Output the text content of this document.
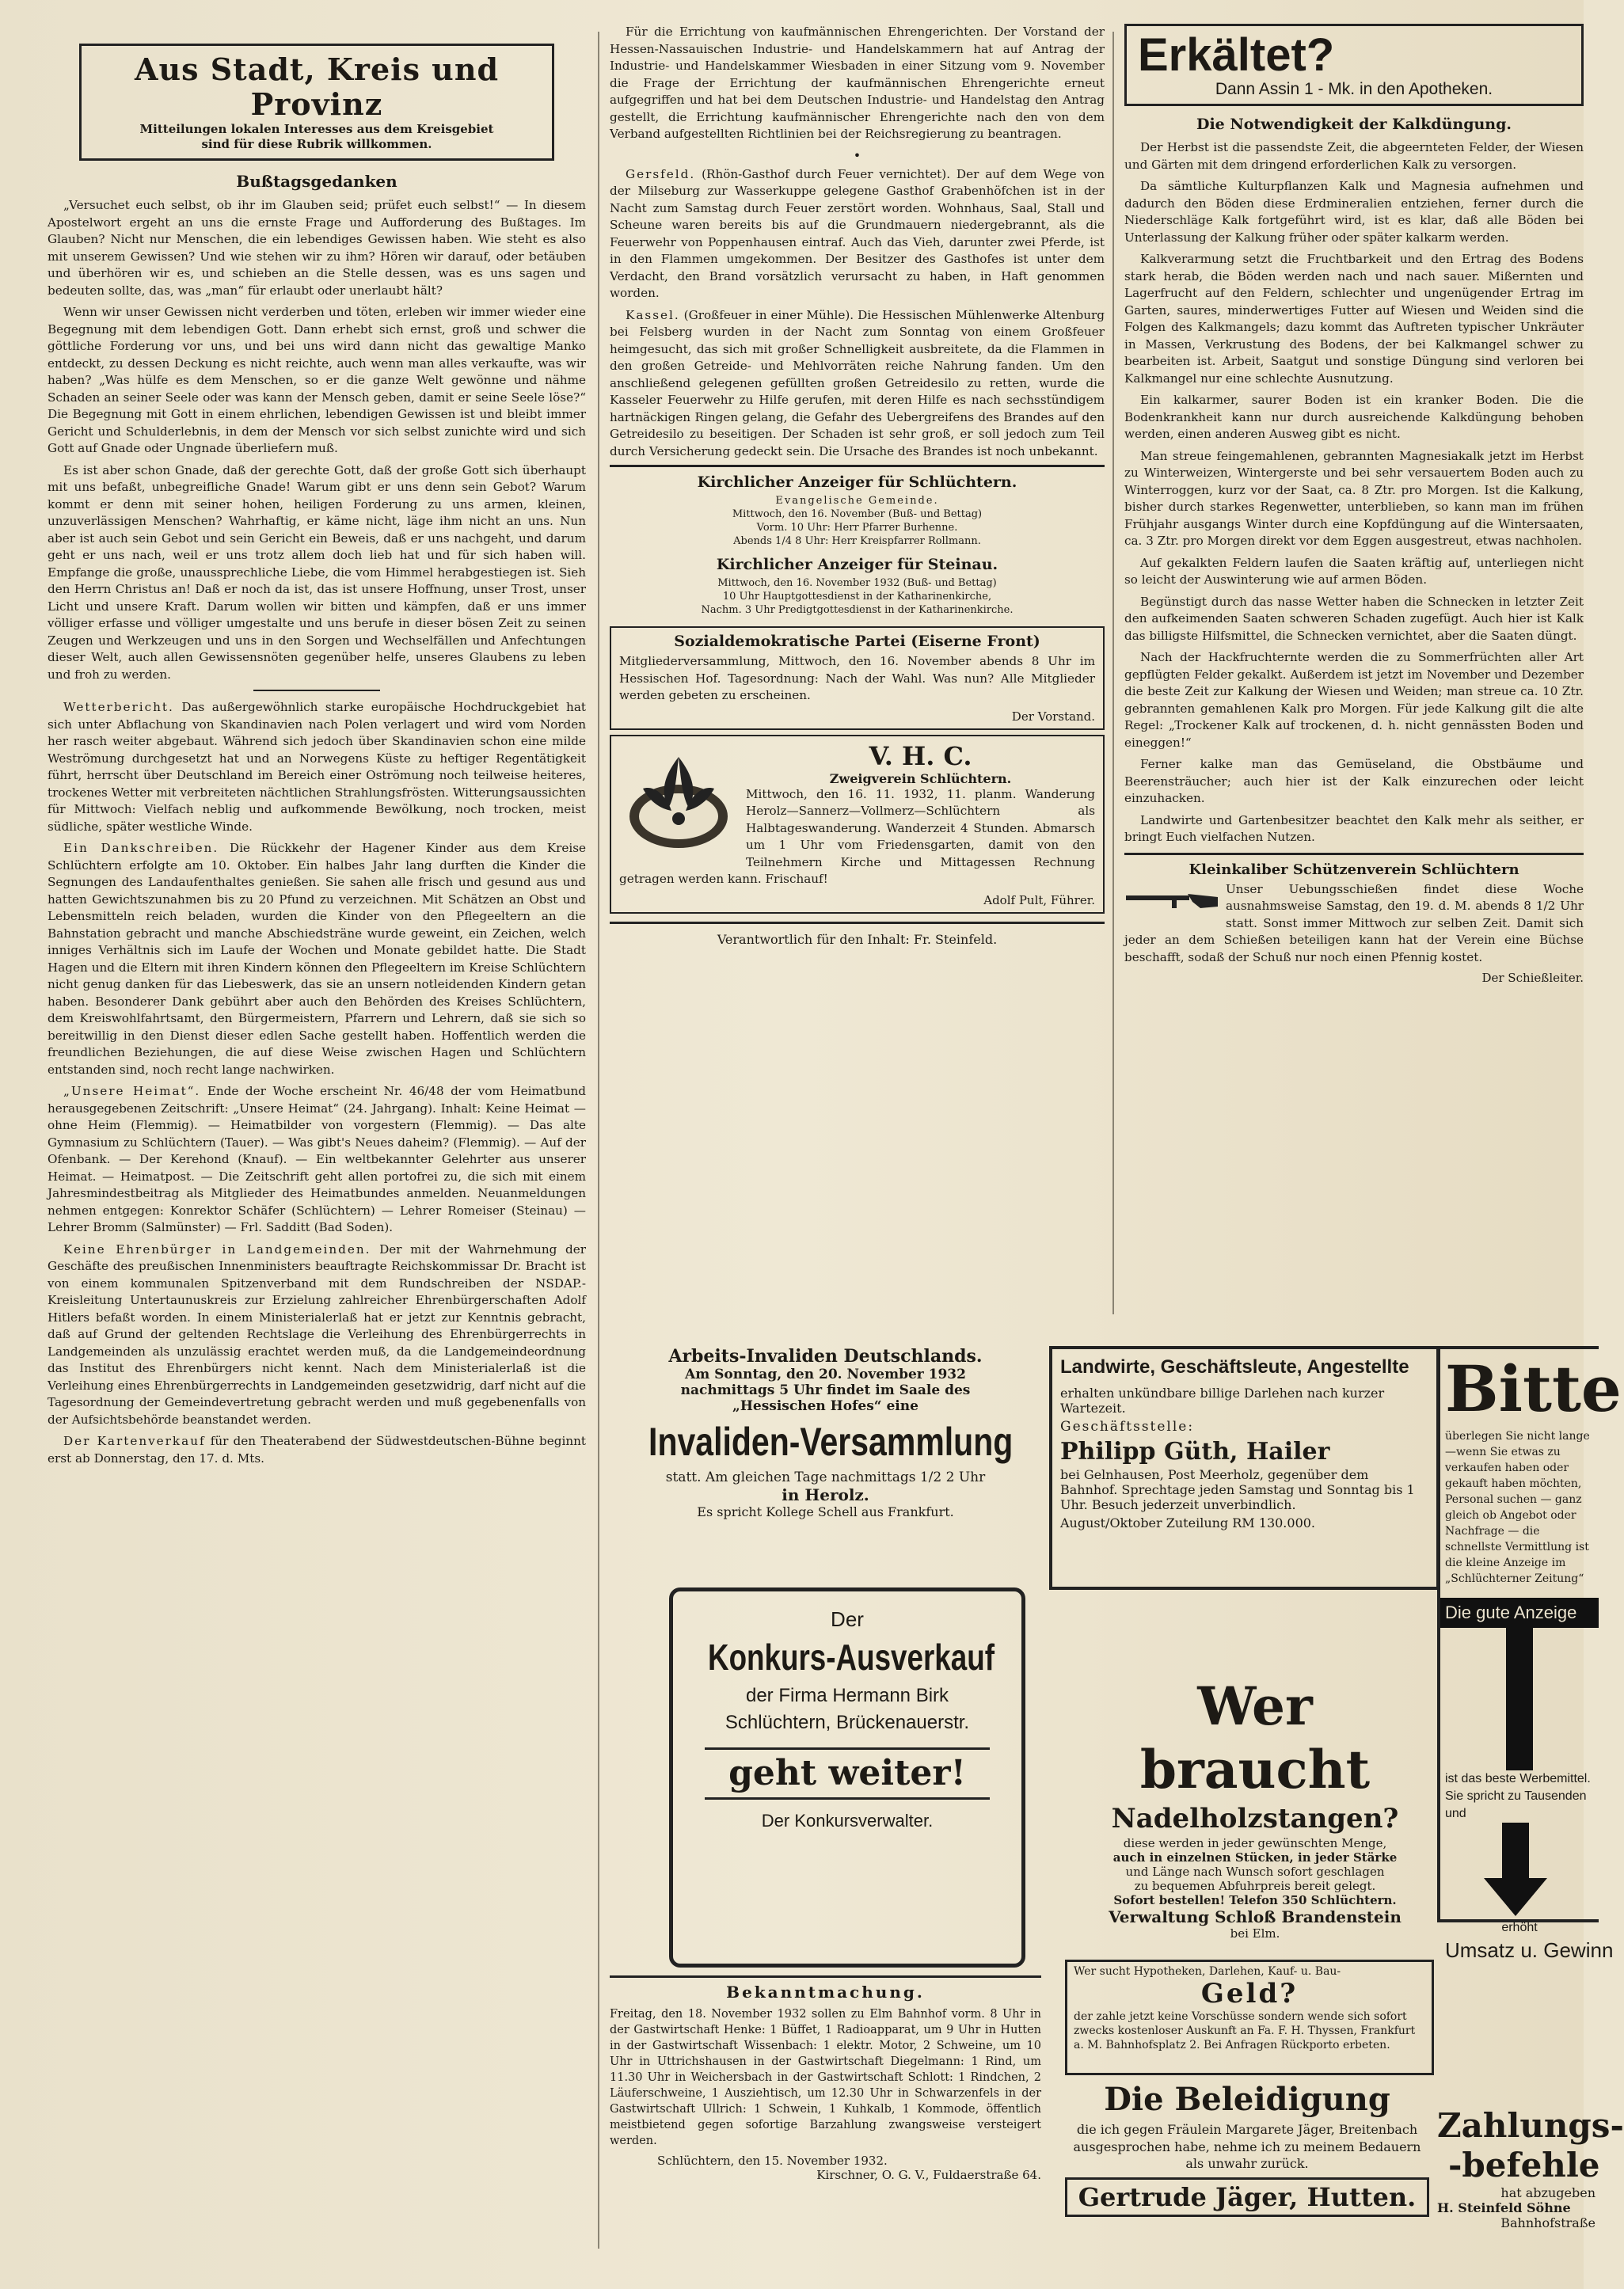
Aus Stadt, Kreis und Provinz
Mitteilungen lokalen Interesses aus dem Kreisgebiet
sind für diese Rubrik willkommen.
Bußtagsgedanken

„Versuchet euch selbst, ob ihr im Glauben seid; prüfet euch selbst!“ — In diesem Apostelwort ergeht an uns die ernste Frage und Aufforderung des Bußtages. Im Glauben? Nicht nur Menschen, die ein lebendiges Gewissen haben. Wie steht es also mit unserem Gewissen? Und wie stehen wir zu ihm? Hören wir darauf, oder betäuben und überhören wir es, und schieben an die Stelle dessen, was es uns sagen und bedeuten sollte, das, was „man“ für erlaubt oder unerlaubt hält?

Wenn wir unser Gewissen nicht verderben und töten, erleben wir immer wieder eine Begegnung mit dem lebendigen Gott. Dann erhebt sich ernst, groß und schwer die göttliche Forderung vor uns, und bei uns wird dann nicht das gewaltige Manko entdeckt, zu dessen Deckung es nicht reichte, auch wenn man alles verkaufte, was wir haben? „Was hülfe es dem Menschen, so er die ganze Welt gewönne und nähme Schaden an seiner Seele oder was kann der Mensch geben, damit er seine Seele löse?“ Die Begegnung mit Gott in einem ehrlichen, lebendigen Gewissen ist und bleibt immer Gericht und Schulderlebnis, in dem der Mensch vor sich selbst zunichte wird und sich Gott auf Gnade oder Ungnade überliefern muß.

Es ist aber schon Gnade, daß der gerechte Gott, daß der große Gott sich überhaupt mit uns befaßt, unbegreifliche Gnade! Warum gibt er uns denn sein Gebot? Warum kommt er denn mit seiner hohen, heiligen Forderung zu uns armen, kleinen, unzuverlässigen Menschen? Wahrhaftig, er käme nicht, läge ihm nicht an uns. Nun aber ist auch sein Gebot und sein Gericht ein Beweis, daß er uns nachgeht, und darum geht er uns nach, weil er uns trotz allem doch lieb hat und für sich haben will. Empfange die große, unaussprechliche Liebe, die vom Himmel herabgestiegen ist. Sieh den Herrn Christus an! Daß er noch da ist, das ist unsere Hoffnung, unser Trost, unser Licht und unsere Kraft. Darum wollen wir bitten und kämpfen, daß er uns immer völliger erfasse und völliger umgestalte und uns berufe in dieser bösen Zeit zu seinen Zeugen und Werkzeugen und uns in den Sorgen und Wechselfällen und Anfechtungen dieser Welt, auch allen Gewissensnöten gegenüber helfe, unseres Glaubens zu leben und froh zu werden.

Wetterbericht. Das außergewöhnlich starke europäische Hochdruckgebiet hat sich unter Abflachung von Skandinavien nach Polen verlagert und wird vom Norden her rasch weiter abgebaut. Während sich jedoch über Skandinavien schon eine milde Weströmung durchgesetzt hat und an Norwegens Küste zu heftiger Regentätigkeit führt, herrscht über Deutschland im Bereich einer Oströmung noch teilweise heiteres, trockenes Wetter mit verbreiteten nächtlichen Strahlungsfrösten. Witterungsaussichten für Mittwoch: Vielfach neblig und aufkommende Bewölkung, noch trocken, meist südliche, später westliche Winde.

Ein Dankschreiben. Die Rückkehr der Hagener Kinder aus dem Kreise Schlüchtern erfolgte am 10. Oktober. Ein halbes Jahr lang durften die Kinder die Segnungen des Landaufenthaltes genießen. Sie sahen alle frisch und gesund aus und hatten Gewichtszunahmen bis zu 20 Pfund zu verzeichnen. Mit Schätzen an Obst und Lebensmitteln reich beladen, wurden die Kinder von den Pflegeeltern an die Bahnstation gebracht und manche Abschiedsträne wurde geweint, ein Zeichen, welch inniges Verhältnis sich im Laufe der Wochen und Monate gebildet hatte. Die Stadt Hagen und die Eltern mit ihren Kindern können den Pflegeeltern im Kreise Schlüchtern nicht genug danken für das Liebeswerk, das sie an unsern notleidenden Kindern getan haben. Besonderer Dank gebührt aber auch den Behörden des Kreises Schlüchtern, dem Kreiswohlfahrtsamt, den Bürgermeistern, Pfarrern und Lehrern, daß sie sich so bereitwillig in den Dienst dieser edlen Sache gestellt haben. Hoffentlich werden die freundlichen Beziehungen, die auf diese Weise zwischen Hagen und Schlüchtern entstanden sind, noch recht lange nachwirken.

„Unsere Heimat“. Ende der Woche erscheint Nr. 46/48 der vom Heimatbund herausgegebenen Zeitschrift: „Unsere Heimat“ (24. Jahrgang). Inhalt: Keine Heimat — ohne Heim (Flemmig). — Heimatbilder von vorgestern (Flemmig). — Das alte Gymnasium zu Schlüchtern (Tauer). — Was gibt's Neues daheim? (Flemmig). — Auf der Ofenbank. — Der Kerehond (Knauf). — Ein weltbekannter Gelehrter aus unserer Heimat. — Heimatpost. — Die Zeitschrift geht allen portofrei zu, die sich mit einem Jahresmindestbeitrag als Mitglieder des Heimatbundes anmelden. Neuanmeldungen nehmen entgegen: Konrektor Schäfer (Schlüchtern) — Lehrer Romeiser (Steinau) — Lehrer Bromm (Salmünster) — Frl. Sadditt (Bad Soden).

Keine Ehrenbürger in Landgemeinden. Der mit der Wahrnehmung der Geschäfte des preußischen Innenministers beauftragte Reichskommissar Dr. Bracht ist von einem kommunalen Spitzenverband mit dem Rundschreiben der NSDAP.-Kreisleitung Untertaunuskreis zur Erzielung zahlreicher Ehrenbürgerschaften Adolf Hitlers befaßt worden. In einem Ministerialerlaß hat er jetzt zur Kenntnis gebracht, daß auf Grund der geltenden Rechtslage die Verleihung des Ehrenbürgerrechts in Landgemeinden als unzulässig erachtet werden muß, da die Landgemeindeordnung das Institut des Ehrenbürgers nicht kennt. Nach dem Ministerialerlaß ist die Verleihung eines Ehrenbürgerrechts in Landgemeinden gesetzwidrig, darf nicht auf die Tagesordnung der Gemeindevertretung gebracht werden und muß gegebenenfalls von der Aufsichtsbehörde beanstandet werden.

Der Kartenverkauf für den Theaterabend der Südwestdeutschen-Bühne beginnt erst ab Donnerstag, den 17. d. Mts.

Für die Errichtung von kaufmännischen Ehrengerichten. Der Vorstand der Hessen-Nassauischen Industrie- und Handelskammern hat auf Antrag der Industrie- und Handelskammer Wiesbaden in einer Sitzung vom 9. November die Frage der Errichtung der kaufmännischen Ehrengerichte erneut aufgegriffen und hat bei dem Deutschen Industrie- und Handelstag den Antrag gestellt, die Errichtung kaufmännischer Ehrengerichte nach den von dem Verband aufgestellten Richtlinien bei der Reichsregierung zu beantragen.

•

Gersfeld. (Rhön-Gasthof durch Feuer vernichtet). Der auf dem Wege von der Milseburg zur Wasserkuppe gelegene Gasthof Grabenhöfchen ist in der Nacht zum Samstag durch Feuer zerstört worden. Wohnhaus, Saal, Stall und Scheune waren bereits bis auf die Grundmauern niedergebrannt, als die Feuerwehr von Poppenhausen eintraf. Auch das Vieh, darunter zwei Pferde, ist in den Flammen umgekommen. Der Besitzer des Gasthofes ist unter dem Verdacht, den Brand vorsätzlich verursacht zu haben, in Haft genommen worden.

Kassel. (Großfeuer in einer Mühle). Die Hessischen Mühlenwerke Altenburg bei Felsberg wurden in der Nacht zum Sonntag von einem Großfeuer heimgesucht, das sich mit großer Schnelligkeit ausbreitete, da die Flammen in den großen Getreide- und Mehlvorräten reiche Nahrung fanden. Um den anschließend gelegenen gefüllten großen Getreidesilo zu retten, wurde die Kasseler Feuerwehr zu Hilfe gerufen, mit deren Hilfe es nach sechsstündigem hartnäckigen Ringen gelang, die Gefahr des Uebergreifens des Brandes auf den Getreidesilo zu beseitigen. Der Schaden ist sehr groß, er soll jedoch zum Teil durch Versicherung gedeckt sein. Die Ursache des Brandes ist noch unbekannt.

Kirchlicher Anzeiger für Schlüchtern.
Evangelische Gemeinde.
Mittwoch, den 16. November (Buß- und Bettag)
Vorm. 10 Uhr: Herr Pfarrer Burhenne.
Abends 1/4 8 Uhr: Herr Kreispfarrer Rollmann.
Kirchlicher Anzeiger für Steinau.
Mittwoch, den 16. November 1932 (Buß- und Bettag)
10 Uhr Hauptgottesdienst in der Katharinenkirche,
Nachm. 3 Uhr Predigtgottesdienst in der Katharinenkirche.
Sozialdemokratische Partei (Eiserne Front)

Mitgliederversammlung, Mittwoch, den 16. November abends 8 Uhr im Hessischen Hof. Tagesordnung: Nach der Wahl. Was nun? Alle Mitglieder werden gebeten zu erscheinen.

Der Vorstand.
V. H. C.
Zweigverein Schlüchtern.

Mittwoch, den 16. 11. 1932, 11. planm. Wanderung Herolz—Sannerz—Vollmerz—Schlüchtern als Halbtageswanderung. Wanderzeit 4 Stunden. Abmarsch um 1 Uhr vom Friedensgarten, damit von den Teilnehmern Kirche und Mittagessen Rechnung getragen werden kann. Frischauf!

Adolf Pult, Führer.
Verantwortlich für den Inhalt: Fr. Steinfeld.
Erkältet?
Dann Assin 1 - Mk. in den Apotheken.
Die Notwendigkeit der Kalkdüngung.

Der Herbst ist die passendste Zeit, die abgeernteten Felder, der Wiesen und Gärten mit dem dringend erforderlichen Kalk zu versorgen.

Da sämtliche Kulturpflanzen Kalk und Magnesia aufnehmen und dadurch den Böden diese Erdmineralien entziehen, ferner durch die Niederschläge Kalk fortgeführt wird, ist es klar, daß alle Böden bei Unterlassung der Kalkung früher oder später kalkarm werden.

Kalkverarmung setzt die Fruchtbarkeit und den Ertrag des Bodens stark herab, die Böden werden nach und nach sauer. Mißernten und Lagerfrucht auf den Feldern, schlechter und ungenügender Ertrag im Garten, saures, minderwertiges Futter auf Wiesen und Weiden sind die Folgen des Kalkmangels; dazu kommt das Auftreten typischer Unkräuter in Massen, Verkrustung des Bodens, der bei Kalkmangel schwer zu bearbeiten ist. Arbeit, Saatgut und sonstige Düngung sind verloren bei Kalkmangel nur eine schlechte Ausnutzung.

Ein kalkarmer, saurer Boden ist ein kranker Boden. Die die Bodenkrankheit kann nur durch ausreichende Kalkdüngung behoben werden, einen anderen Ausweg gibt es nicht.

Man streue feingemahlenen, gebrannten Magnesiakalk jetzt im Herbst zu Winterweizen, Wintergerste und bei sehr versauertem Boden auch zu Winterroggen, kurz vor der Saat, ca. 8 Ztr. pro Morgen. Ist die Kalkung, bisher durch starkes Regenwetter, unterblieben, so kann man im frühen Frühjahr ausgangs Winter durch eine Kopfdüngung auf die Wintersaaten, ca. 3 Ztr. pro Morgen direkt vor dem Eggen ausgestreut, etwas nachholen.

Auf gekalkten Feldern laufen die Saaten kräftig auf, unterliegen nicht so leicht der Auswinterung wie auf armen Böden.

Begünstigt durch das nasse Wetter haben die Schnecken in letzter Zeit den aufkeimenden Saaten schweren Schaden zugefügt. Auch hier ist Kalk das billigste Hilfsmittel, die Schnecken vernichtet, aber die Saaten düngt.

Nach der Hackfruchternte werden die zu Sommerfrüchten aller Art gepflügten Felder gekalkt. Außerdem ist jetzt im November und Dezember die beste Zeit zur Kalkung der Wiesen und Weiden; man streue ca. 10 Ztr. gebrannten gemahlenen Kalk pro Morgen. Für jede Kalkung gilt die alte Regel: „Trockener Kalk auf trockenen, d. h. nicht gennässten Boden und eineggen!“

Ferner kalke man das Gemüseland, die Obstbäume und Beerensträucher; auch hier ist der Kalk einzurechen oder leicht einzuhacken.

Landwirte und Gartenbesitzer beachtet den Kalk mehr als seither, er bringt Euch vielfachen Nutzen.

Kleinkaliber Schützenverein Schlüchtern

Unser Uebungsschießen findet diese Woche ausnahmsweise Samstag, den 19. d. M. abends 8 1/2 Uhr statt. Sonst immer Mittwoch zur selben Zeit. Damit sich jeder an dem Schießen beteiligen kann hat der Verein eine Büchse beschafft, sodaß der Schuß nur noch einen Pfennig kostet.

Der Schießleiter.
Arbeits-Invaliden Deutschlands.
Am Sonntag, den 20. November 1932
nachmittags 5 Uhr findet im Saale des
„Hessischen Hofes“ eine
Invaliden-Versammlung
statt. Am gleichen Tage nachmittags 1/2 2 Uhr
in Herolz.
Es spricht Kollege Schell aus Frankfurt.
Der
Konkurs-Ausverkauf
der Firma Hermann Birk
Schlüchtern, Brückenauerstr.
geht weiter!
Der Konkursverwalter.
Bekanntmachung.

Freitag, den 18. November 1932 sollen zu Elm Bahnhof vorm. 8 Uhr in der Gastwirtschaft Henke: 1 Büffet, 1 Radioapparat, um 9 Uhr in Hutten in der Gastwirtschaft Wissenbach: 1 elektr. Motor, 2 Schweine, um 10 Uhr in Uttrichshausen in der Gastwirtschaft Diegelmann: 1 Rind, um 11.30 Uhr in Weichersbach in der Gastwirtschaft Schlott: 1 Rindchen, 2 Läuferschweine, 1 Ausziehtisch, um 12.30 Uhr in Schwarzenfels in der Gastwirtschaft Ullrich: 1 Schwein, 1 Kuhkalb, 1 Kommode, öffentlich meistbietend gegen sofortige Barzahlung zwangsweise versteigert werden.

Schlüchtern, den 15. November 1932.
Kirschner, O. G. V., Fuldaerstraße 64.
Landwirte, Geschäftsleute, Angestellte
erhalten unkündbare billige Darlehen nach kurzer Wartezeit.
Geschäftsstelle:
Philipp Güth, Hailer
bei Gelnhausen, Post Meerholz, gegenüber dem Bahnhof. Sprechtage jeden Samstag und Sonntag bis 1 Uhr. Besuch jederzeit unverbindlich.
August/Oktober Zuteilung RM 130.000.
Wer braucht
Nadelholzstangen?
diese werden in jeder gewünschten Menge,
auch in einzelnen Stücken, in jeder Stärke
und Länge nach Wunsch sofort geschlagen
zu bequemen Abfuhrpreis bereit gelegt.
Sofort bestellen! Telefon 350 Schlüchtern.
Verwaltung Schloß Brandenstein
bei Elm.
Wer sucht Hypotheken, Darlehen, Kauf- u. Bau-
Geld?
der zahle jetzt keine Vorschüsse sondern wende sich sofort zwecks kostenloser Auskunft an Fa. F. H. Thyssen, Frankfurt a. M. Bahnhofsplatz 2. Bei Anfragen Rückporto erbeten.
Die Beleidigung

die ich gegen Fräulein Margarete Jäger, Breitenbach ausgesprochen habe, nehme ich zu meinem Bedauern als unwahr zurück.

Gertrude Jäger, Hutten.
Bitte
überlegen Sie nicht lange—wenn Sie etwas zu verkaufen haben oder gekauft haben möchten, Personal suchen — ganz gleich ob Angebot oder Nachfrage — die schnellste Vermittlung ist die kleine Anzeige im „Schlüchterner Zeitung“
Die gute Anzeige
ist das beste Werbemittel. Sie spricht zu Tausenden und
erhöht
Umsatz u. Gewinn
Zahlungs-
-befehle
hat abzugeben
H. Steinfeld Söhne
Bahnhofstraße
